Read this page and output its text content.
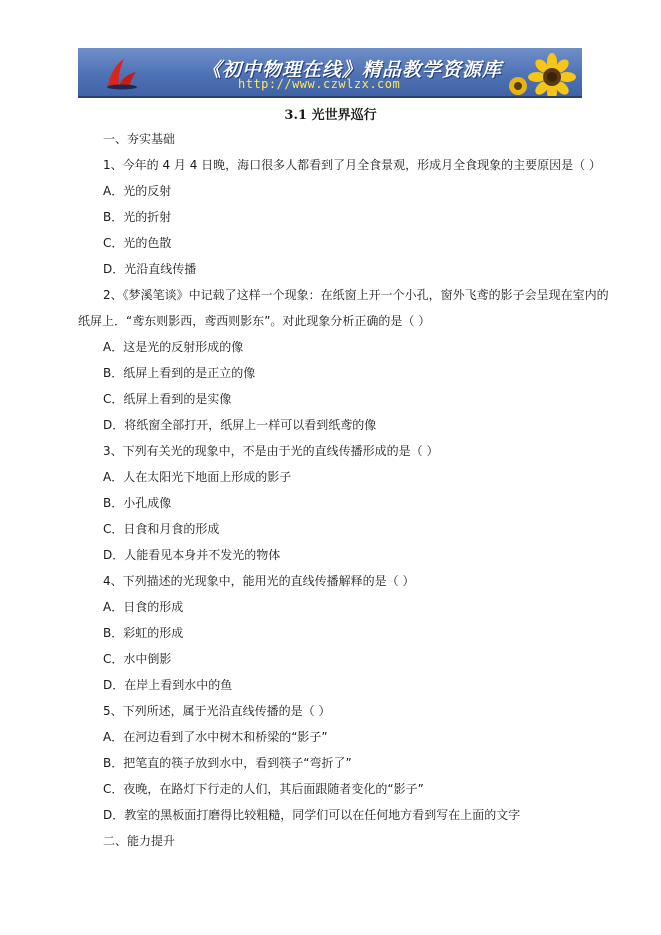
《初中物理在线》精品教学资源库
http://www.czwlzx.com
3.1 光世界巡行
一、夯实基础
1、今年的 4 月 4 日晚，海口很多人都看到了月全食景观，形成月全食现象的主要原因是（ ）
A．光的反射
B．光的折射
C．光的色散
D．光沿直线传播
2、《梦溪笔谈》中记载了这样一个现象：在纸窗上开一个小孔，窗外飞鸢的影子会呈现在室内的
纸屏上．“鸢东则影西，鸢西则影东”。对此现象分析正确的是（ ）
A．这是光的反射形成的像
B．纸屏上看到的是正立的像
C．纸屏上看到的是实像
D．将纸窗全部打开，纸屏上一样可以看到纸鸢的像
3、下列有关光的现象中，不是由于光的直线传播形成的是（ ）
A．人在太阳光下地面上形成的影子
B．小孔成像
C．日食和月食的形成
D．人能看见本身并不发光的物体
4、下列描述的光现象中，能用光的直线传播解释的是（ ）
A．日食的形成
B．彩虹的形成
C．水中倒影
D．在岸上看到水中的鱼
5、下列所述，属于光沿直线传播的是（ ）
A．在河边看到了水中树木和桥梁的“影子”
B．把笔直的筷子放到水中，看到筷子“弯折了”
C．夜晚，在路灯下行走的人们，其后面跟随者变化的“影子”
D．教室的黑板面打磨得比较粗糙，同学们可以在任何地方看到写在上面的文字
二、能力提升
